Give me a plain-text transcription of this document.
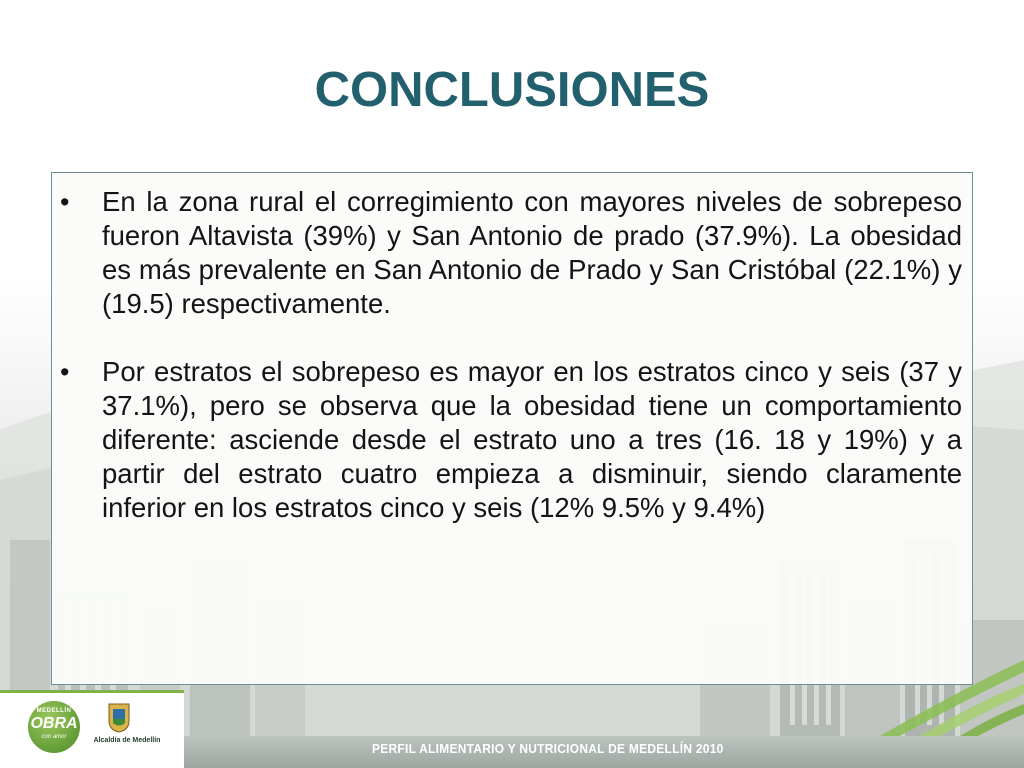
CONCLUSIONES
• En la zona rural el corregimiento con mayores niveles de sobrepeso fueron Altavista (39%) y San Antonio de prado (37.9%). La obesidad es más prevalente en San Antonio de Prado y San Cristóbal (22.1%) y (19.5) respectivamente.
• Por estratos el sobrepeso es mayor en los estratos cinco y seis (37 y 37.1%), pero se observa que la obesidad tiene un comportamiento diferente: asciende desde el estrato uno a tres (16. 18 y 19%) y a partir del estrato cuatro empieza a disminuir, siendo claramente inferior en los estratos cinco y seis (12% 9.5% y 9.4%)
PERFIL ALIMENTARIO Y NUTRICIONAL DE MEDELLÍN 2010
MEDELLÍN
OBRA
con amor	Alcaldía de Medellín
